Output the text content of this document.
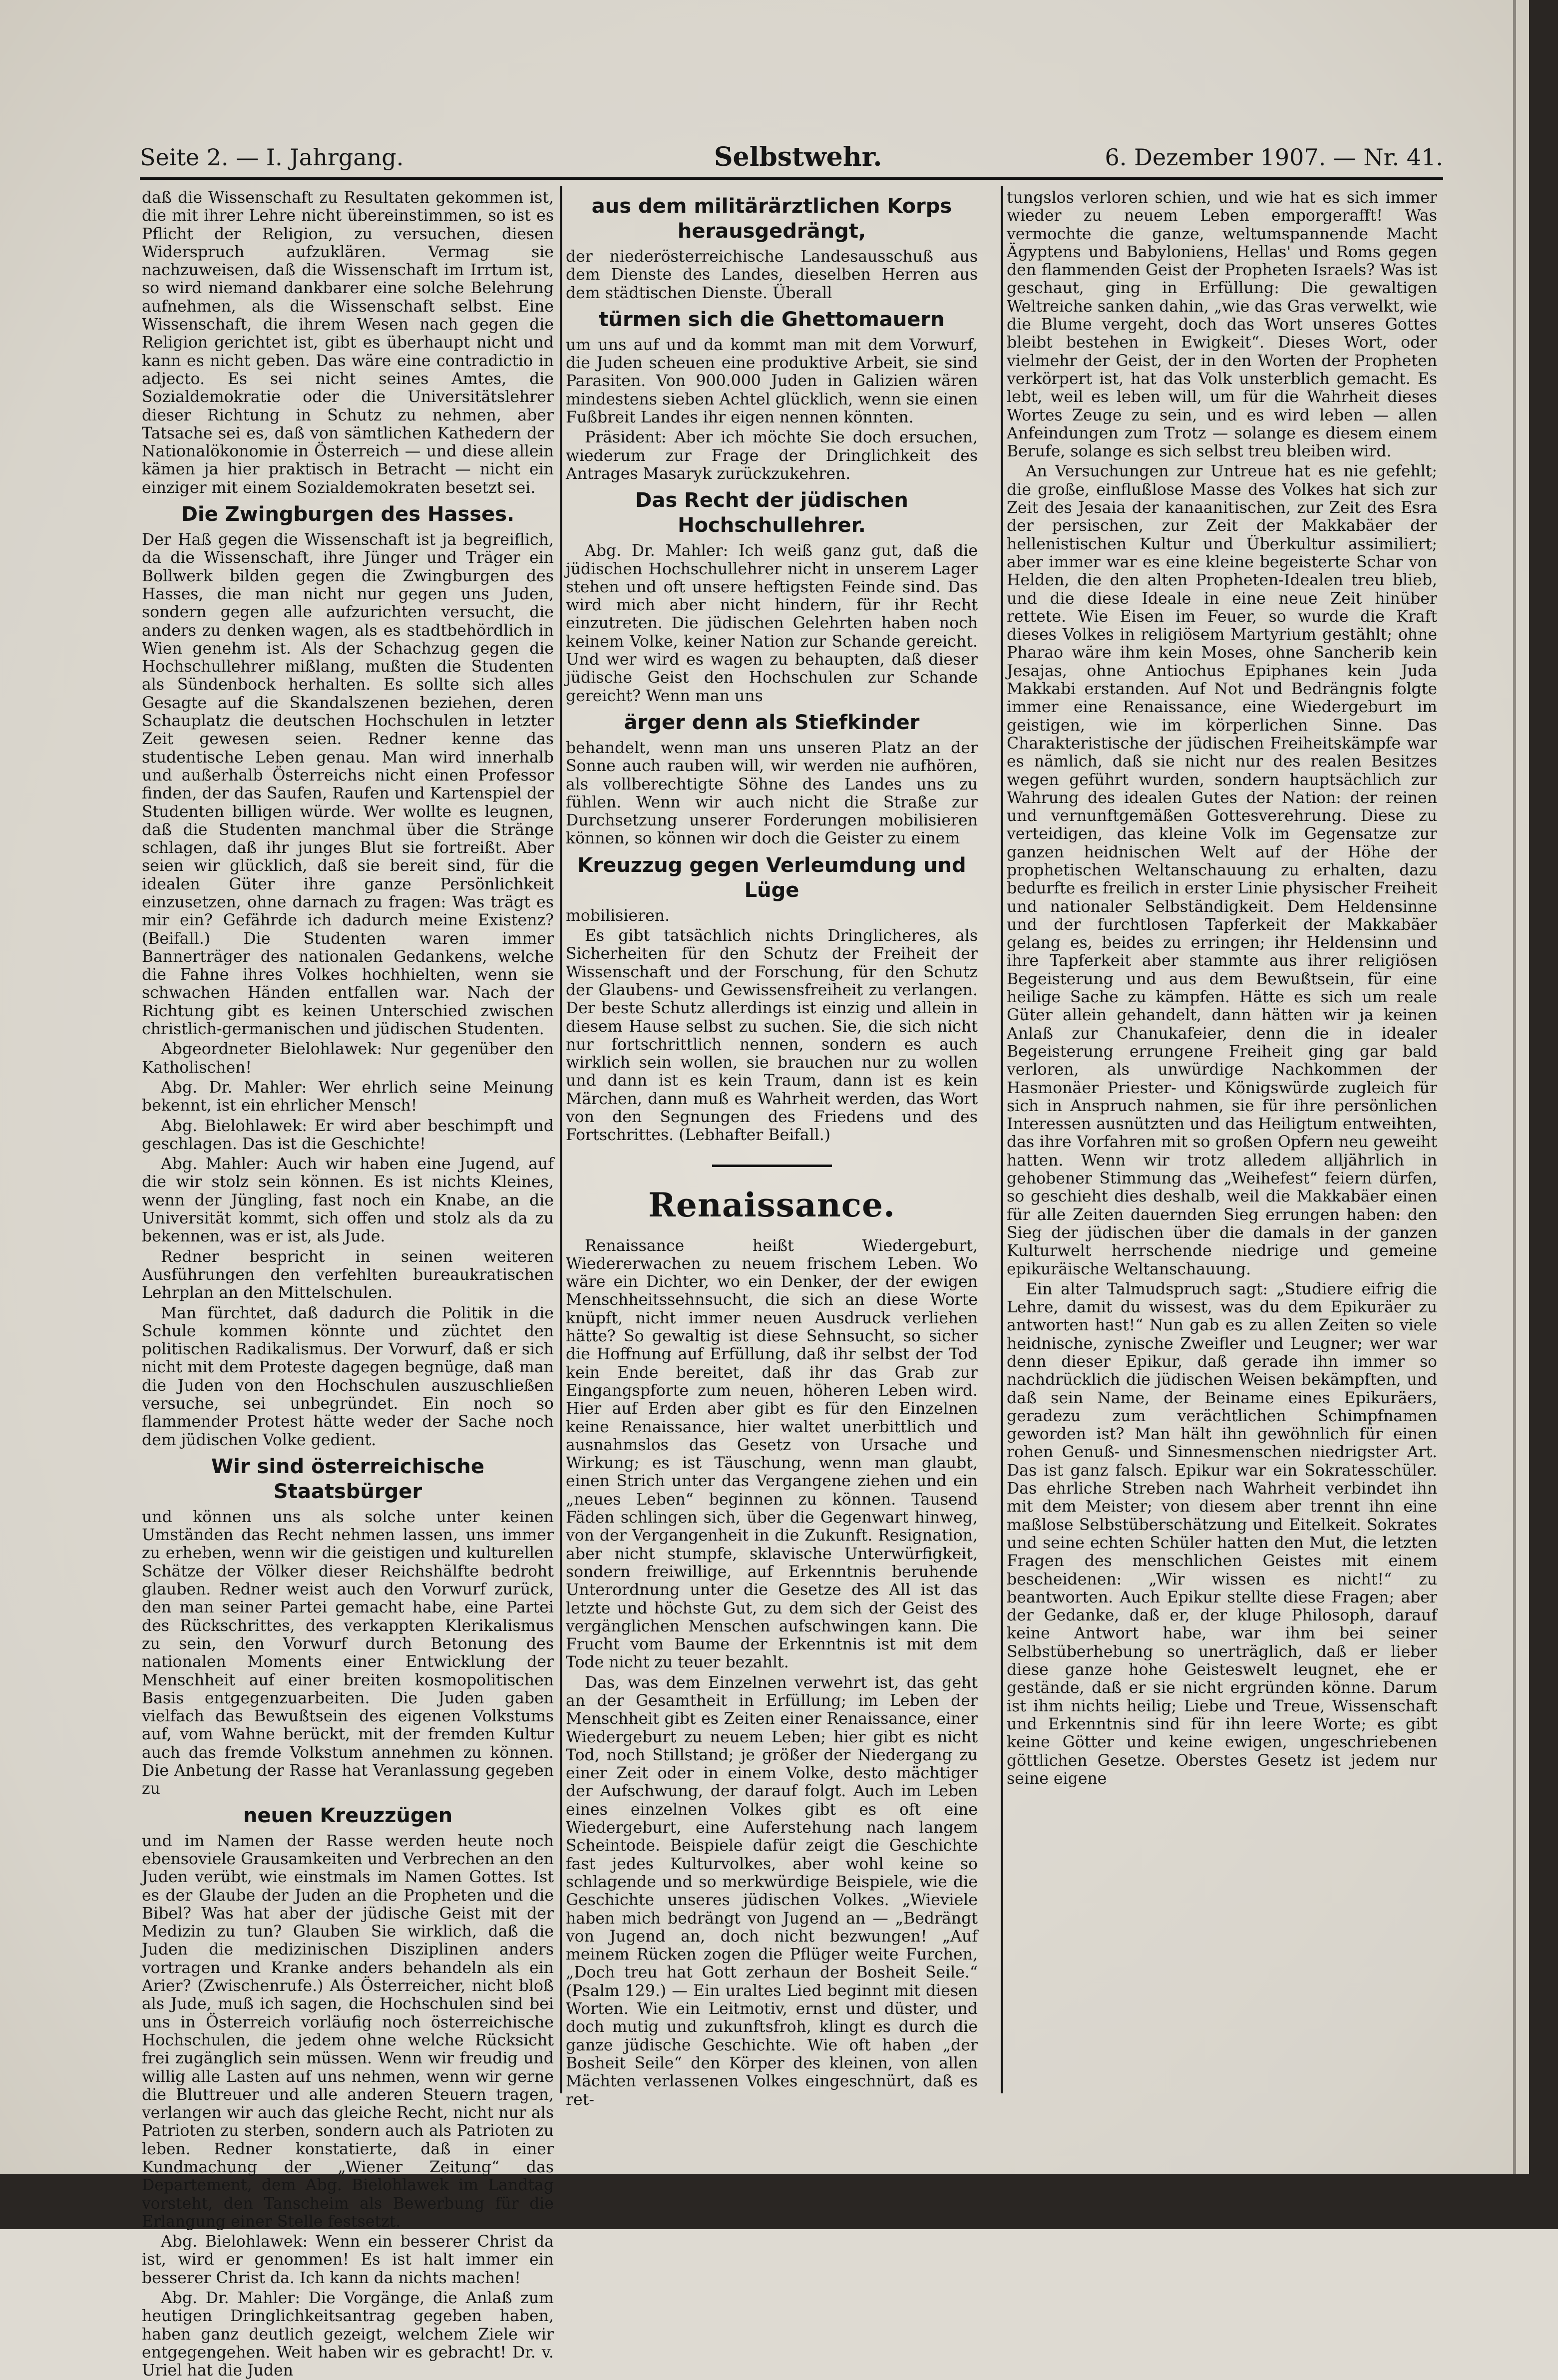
Seite 2. — I. Jahrgang.	Selbstwehr.	6. Dezember 1907. — Nr. 41.

daß die Wissenschaft zu Resultaten gekommen ist, die mit ihrer Lehre nicht übereinstimmen, so ist es Pflicht der Religion, zu versuchen, diesen Widerspruch aufzuklären. Vermag sie nachzuweisen, daß die Wissenschaft im Irrtum ist, so wird niemand dankbarer eine solche Belehrung aufnehmen, als die Wissenschaft selbst. Eine Wissenschaft, die ihrem Wesen nach gegen die Religion gerichtet ist, gibt es überhaupt nicht und kann es nicht geben. Das wäre eine contradictio in adjecto. Es sei nicht seines Amtes, die Sozialdemokratie oder die Universitätslehrer dieser Richtung in Schutz zu nehmen, aber Tatsache sei es, daß von sämtlichen Kathedern der Nationalökonomie in Österreich — und diese allein kämen ja hier praktisch in Betracht — nicht ein einziger mit einem Sozialdemokraten besetzt sei.

Die Zwingburgen des Hasses.

Der Haß gegen die Wissenschaft ist ja begreiflich, da die Wissenschaft, ihre Jünger und Träger ein Bollwerk bilden gegen die Zwingburgen des Hasses, die man nicht nur gegen uns Juden, sondern gegen alle aufzurichten versucht, die anders zu denken wagen, als es stadtbehördlich in Wien genehm ist. Als der Schachzug gegen die Hochschullehrer mißlang, mußten die Studenten als Sündenbock herhalten. Es sollte sich alles Gesagte auf die Skandalszenen beziehen, deren Schauplatz die deutschen Hochschulen in letzter Zeit gewesen seien. Redner kenne das studentische Leben genau. Man wird innerhalb und außerhalb Österreichs nicht einen Professor finden, der das Saufen, Raufen und Kartenspiel der Studenten billigen würde. Wer wollte es leugnen, daß die Studenten manchmal über die Stränge schlagen, daß ihr junges Blut sie fortreißt. Aber seien wir glücklich, daß sie bereit sind, für die idealen Güter ihre ganze Persönlichkeit einzusetzen, ohne darnach zu fragen: Was trägt es mir ein? Gefährde ich dadurch meine Existenz? (Beifall.) Die Studenten waren immer Bannerträger des nationalen Gedankens, welche die Fahne ihres Volkes hochhielten, wenn sie schwachen Händen entfallen war. Nach der Richtung gibt es keinen Unterschied zwischen christlich-germanischen und jüdischen Studenten.

Abgeordneter Bielohlawek: Nur gegenüber den Katholischen!

Abg. Dr. Mahler: Wer ehrlich seine Meinung bekennt, ist ein ehrlicher Mensch!

Abg. Bielohlawek: Er wird aber beschimpft und geschlagen. Das ist die Geschichte!

Abg. Mahler: Auch wir haben eine Jugend, auf die wir stolz sein können. Es ist nichts Kleines, wenn der Jüngling, fast noch ein Knabe, an die Universität kommt, sich offen und stolz als da zu bekennen, was er ist, als Jude.

Redner bespricht in seinen weiteren Ausführungen den verfehlten bureaukratischen Lehrplan an den Mittelschulen.

Man fürchtet, daß dadurch die Politik in die Schule kommen könnte und züchtet den politischen Radikalismus. Der Vorwurf, daß er sich nicht mit dem Proteste dagegen begnüge, daß man die Juden von den Hochschulen auszuschließen versuche, sei unbegründet. Ein noch so flammender Protest hätte weder der Sache noch dem jüdischen Volke gedient.

Wir sind österreichische Staatsbürger

und können uns als solche unter keinen Umständen das Recht nehmen lassen, uns immer zu erheben, wenn wir die geistigen und kulturellen Schätze der Völker dieser Reichshälfte bedroht glauben. Redner weist auch den Vorwurf zurück, den man seiner Partei gemacht habe, eine Partei des Rückschrittes, des verkappten Klerikalismus zu sein, den Vorwurf durch Betonung des nationalen Moments einer Entwicklung der Menschheit auf einer breiten kosmopolitischen Basis entgegenzuarbeiten. Die Juden gaben vielfach das Bewußtsein des eigenen Volkstums auf, vom Wahne berückt, mit der fremden Kultur auch das fremde Volkstum annehmen zu können. Die Anbetung der Rasse hat Veranlassung gegeben zu

neuen Kreuzzügen

und im Namen der Rasse werden heute noch ebensoviele Grausamkeiten und Verbrechen an den Juden verübt, wie einstmals im Namen Gottes. Ist es der Glaube der Juden an die Propheten und die Bibel? Was hat aber der jüdische Geist mit der Medizin zu tun? Glauben Sie wirklich, daß die Juden die medizinischen Disziplinen anders vortragen und Kranke anders behandeln als ein Arier? (Zwischenrufe.) Als Österreicher, nicht bloß als Jude, muß ich sagen, die Hochschulen sind bei uns in Österreich vorläufig noch österreichische Hochschulen, die jedem ohne welche Rücksicht frei zugänglich sein müssen. Wenn wir freudig und willig alle Lasten auf uns nehmen, wenn wir gerne die Bluttreuer und alle anderen Steuern tragen, verlangen wir auch das gleiche Recht, nicht nur als Patrioten zu sterben, sondern auch als Patrioten zu leben. Redner konstatierte, daß in einer Kundmachung der „Wiener Zeitung“ das Departement, dem Abg. Bielohlawek im Landtag vorsteht, den Tanscheim als Bewerbung für die Erlangung einer Stelle festsetzt.

Abg. Bielohlawek: Wenn ein besserer Christ da ist, wird er genommen! Es ist halt immer ein besserer Christ da. Ich kann da nichts machen!

Abg. Dr. Mahler: Die Vorgänge, die Anlaß zum heutigen Dringlichkeitsantrag gegeben haben, haben ganz deutlich gezeigt, welchem Ziele wir entgegengehen. Weit haben wir es gebracht! Dr. v. Uriel hat die Juden

aus dem militärärztlichen Korps herausgedrängt,

der niederösterreichische Landesausschuß aus dem Dienste des Landes, dieselben Herren aus dem städtischen Dienste. Überall

türmen sich die Ghettomauern

um uns auf und da kommt man mit dem Vorwurf, die Juden scheuen eine produktive Arbeit, sie sind Parasiten. Von 900.000 Juden in Galizien wären mindestens sieben Achtel glücklich, wenn sie einen Fußbreit Landes ihr eigen nennen könnten.

Präsident: Aber ich möchte Sie doch ersuchen, wiederum zur Frage der Dringlichkeit des Antrages Masaryk zurückzukehren.

Das Recht der jüdischen Hochschullehrer.

Abg. Dr. Mahler: Ich weiß ganz gut, daß die jüdischen Hochschullehrer nicht in unserem Lager stehen und oft unsere heftigsten Feinde sind. Das wird mich aber nicht hindern, für ihr Recht einzutreten. Die jüdischen Gelehrten haben noch keinem Volke, keiner Nation zur Schande gereicht. Und wer wird es wagen zu behaupten, daß dieser jüdische Geist den Hochschulen zur Schande gereicht? Wenn man uns

ärger denn als Stiefkinder

behandelt, wenn man uns unseren Platz an der Sonne auch rauben will, wir werden nie aufhören, als vollberechtigte Söhne des Landes uns zu fühlen. Wenn wir auch nicht die Straße zur Durchsetzung unserer Forderungen mobilisieren können, so können wir doch die Geister zu einem

Kreuzzug gegen Verleumdung und Lüge

mobilisieren.

Es gibt tatsächlich nichts Dringlicheres, als Sicherheiten für den Schutz der Freiheit der Wissenschaft und der Forschung, für den Schutz der Glaubens- und Gewissensfreiheit zu verlangen. Der beste Schutz allerdings ist einzig und allein in diesem Hause selbst zu suchen. Sie, die sich nicht nur fortschrittlich nennen, sondern es auch wirklich sein wollen, sie brauchen nur zu wollen und dann ist es kein Traum, dann ist es kein Märchen, dann muß es Wahrheit werden, das Wort von den Segnungen des Friedens und des Fortschrittes. (Lebhafter Beifall.)

Renaissance.

Renaissance heißt Wiedergeburt, Wiedererwachen zu neuem frischem Leben. Wo wäre ein Dichter, wo ein Denker, der der ewigen Menschheitssehnsucht, die sich an diese Worte knüpft, nicht immer neuen Ausdruck verliehen hätte? So gewaltig ist diese Sehnsucht, so sicher die Hoffnung auf Erfüllung, daß ihr selbst der Tod kein Ende bereitet, daß ihr das Grab zur Eingangspforte zum neuen, höheren Leben wird. Hier auf Erden aber gibt es für den Einzelnen keine Renaissance, hier waltet unerbittlich und ausnahmslos das Gesetz von Ursache und Wirkung; es ist Täuschung, wenn man glaubt, einen Strich unter das Vergangene ziehen und ein „neues Leben“ beginnen zu können. Tausend Fäden schlingen sich, über die Gegenwart hinweg, von der Vergangenheit in die Zukunft. Resignation, aber nicht stumpfe, sklavische Unterwürfigkeit, sondern freiwillige, auf Erkenntnis beruhende Unterordnung unter die Gesetze des All ist das letzte und höchste Gut, zu dem sich der Geist des vergänglichen Menschen aufschwingen kann. Die Frucht vom Baume der Erkenntnis ist mit dem Tode nicht zu teuer bezahlt.

Das, was dem Einzelnen verwehrt ist, das geht an der Gesamtheit in Erfüllung; im Leben der Menschheit gibt es Zeiten einer Renaissance, einer Wiedergeburt zu neuem Leben; hier gibt es nicht Tod, noch Stillstand; je größer der Niedergang zu einer Zeit oder in einem Volke, desto mächtiger der Aufschwung, der darauf folgt. Auch im Leben eines einzelnen Volkes gibt es oft eine Wiedergeburt, eine Auferstehung nach langem Scheintode. Beispiele dafür zeigt die Geschichte fast jedes Kulturvolkes, aber wohl keine so schlagende und so merkwürdige Beispiele, wie die Geschichte unseres jüdischen Volkes. „Wieviele haben mich bedrängt von Jugend an — „Bedrängt von Jugend an, doch nicht bezwungen! „Auf meinem Rücken zogen die Pflüger weite Furchen, „Doch treu hat Gott zerhaun der Bosheit Seile.“ (Psalm 129.) — Ein uraltes Lied beginnt mit diesen Worten. Wie ein Leitmotiv, ernst und düster, und doch mutig und zukunftsfroh, klingt es durch die ganze jüdische Geschichte. Wie oft haben „der Bosheit Seile“ den Körper des kleinen, von allen Mächten verlassenen Volkes eingeschnürt, daß es ret-

tungslos verloren schien, und wie hat es sich immer wieder zu neuem Leben emporgerafft! Was vermochte die ganze, weltumspannende Macht Ägyptens und Babyloniens, Hellas' und Roms gegen den flammenden Geist der Propheten Israels? Was ist geschaut, ging in Erfüllung: Die gewaltigen Weltreiche sanken dahin, „wie das Gras verwelkt, wie die Blume vergeht, doch das Wort unseres Gottes bleibt bestehen in Ewigkeit“. Dieses Wort, oder vielmehr der Geist, der in den Worten der Propheten verkörpert ist, hat das Volk unsterblich gemacht. Es lebt, weil es leben will, um für die Wahrheit dieses Wortes Zeuge zu sein, und es wird leben — allen Anfeindungen zum Trotz — solange es diesem einem Berufe, solange es sich selbst treu bleiben wird.

An Versuchungen zur Untreue hat es nie gefehlt; die große, einflußlose Masse des Volkes hat sich zur Zeit des Jesaia der kanaanitischen, zur Zeit des Esra der persischen, zur Zeit der Makkabäer der hellenistischen Kultur und Überkultur assimiliert; aber immer war es eine kleine begeisterte Schar von Helden, die den alten Propheten-Idealen treu blieb, und die diese Ideale in eine neue Zeit hinüber rettete. Wie Eisen im Feuer, so wurde die Kraft dieses Volkes in religiösem Martyrium gestählt; ohne Pharao wäre ihm kein Moses, ohne Sancherib kein Jesajas, ohne Antiochus Epiphanes kein Juda Makkabi erstanden. Auf Not und Bedrängnis folgte immer eine Renaissance, eine Wiedergeburt im geistigen, wie im körperlichen Sinne. Das Charakteristische der jüdischen Freiheitskämpfe war es nämlich, daß sie nicht nur des realen Besitzes wegen geführt wurden, sondern hauptsächlich zur Wahrung des idealen Gutes der Nation: der reinen und vernunftgemäßen Gottesverehrung. Diese zu verteidigen, das kleine Volk im Gegensatze zur ganzen heidnischen Welt auf der Höhe der prophetischen Weltanschauung zu erhalten, dazu bedurfte es freilich in erster Linie physischer Freiheit und nationaler Selbständigkeit. Dem Heldensinne und der furchtlosen Tapferkeit der Makkabäer gelang es, beides zu erringen; ihr Heldensinn und ihre Tapferkeit aber stammte aus ihrer religiösen Begeisterung und aus dem Bewußtsein, für eine heilige Sache zu kämpfen. Hätte es sich um reale Güter allein gehandelt, dann hätten wir ja keinen Anlaß zur Chanukafeier, denn die in idealer Begeisterung errungene Freiheit ging gar bald verloren, als unwürdige Nachkommen der Hasmonäer Priester- und Königswürde zugleich für sich in Anspruch nahmen, sie für ihre persönlichen Interessen ausnützten und das Heiligtum entweihten, das ihre Vorfahren mit so großen Opfern neu geweiht hatten. Wenn wir trotz alledem alljährlich in gehobener Stimmung das „Weihefest“ feiern dürfen, so geschieht dies deshalb, weil die Makkabäer einen für alle Zeiten dauernden Sieg errungen haben: den Sieg der jüdischen über die damals in der ganzen Kulturwelt herrschende niedrige und gemeine epikuräische Weltanschauung.

Ein alter Talmudspruch sagt: „Studiere eifrig die Lehre, damit du wissest, was du dem Epikuräer zu antworten hast!“ Nun gab es zu allen Zeiten so viele heidnische, zynische Zweifler und Leugner; wer war denn dieser Epikur, daß gerade ihn immer so nachdrücklich die jüdischen Weisen bekämpften, und daß sein Name, der Beiname eines Epikuräers, geradezu zum verächtlichen Schimpfnamen geworden ist? Man hält ihn gewöhnlich für einen rohen Genuß- und Sinnesmenschen niedrigster Art. Das ist ganz falsch. Epikur war ein Sokratesschüler. Das ehrliche Streben nach Wahrheit verbindet ihn mit dem Meister; von diesem aber trennt ihn eine maßlose Selbstüberschätzung und Eitelkeit. Sokrates und seine echten Schüler hatten den Mut, die letzten Fragen des menschlichen Geistes mit einem bescheidenen: „Wir wissen es nicht!“ zu beantworten. Auch Epikur stellte diese Fragen; aber der Gedanke, daß er, der kluge Philosoph, darauf keine Antwort habe, war ihm bei seiner Selbstüberhebung so unerträglich, daß er lieber diese ganze hohe Geisteswelt leugnet, ehe er gestände, daß er sie nicht ergründen könne. Darum ist ihm nichts heilig; Liebe und Treue, Wissenschaft und Erkenntnis sind für ihn leere Worte; es gibt keine Götter und keine ewigen, ungeschriebenen göttlichen Gesetze. Oberstes Gesetz ist jedem nur seine eigene
